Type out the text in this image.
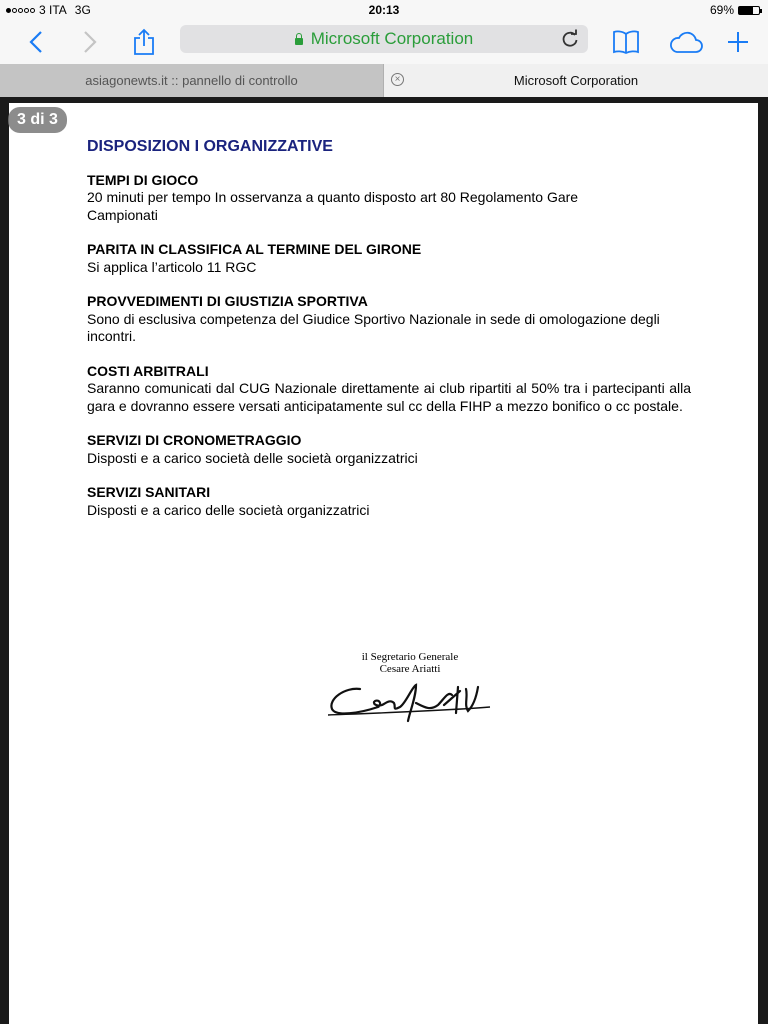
3 ITA 3G	20:13	69%
Microsoft Corporation
asiagonewts.it :: pannello di controllo	Microsoft Corporation
×
3 di 3
DISPOSIZION I ORGANIZZATIVE
TEMPI DI GIOCO
20 minuti per tempo In osservanza a quanto disposto art 80 Regolamento Gare Campionati
PARITA IN CLASSIFICA AL TERMINE DEL GIRONE
Si applica l’articolo 11 RGC
PROVVEDIMENTI DI GIUSTIZIA SPORTIVA
Sono di esclusiva competenza del Giudice Sportivo Nazionale in sede di omologazione degli incontri.
COSTI ARBITRALI
Saranno comunicati dal CUG Nazionale direttamente ai club ripartiti al 50% tra i partecipanti alla gara e dovranno essere versati anticipatamente sul cc della FIHP a mezzo bonifico o cc postale.
SERVIZI DI CRONOMETRAGGIO
Disposti e a carico società delle società organizzatrici
SERVIZI SANITARI
Disposti e a carico delle società organizzatrici
il Segretario Generale
Cesare Ariatti
